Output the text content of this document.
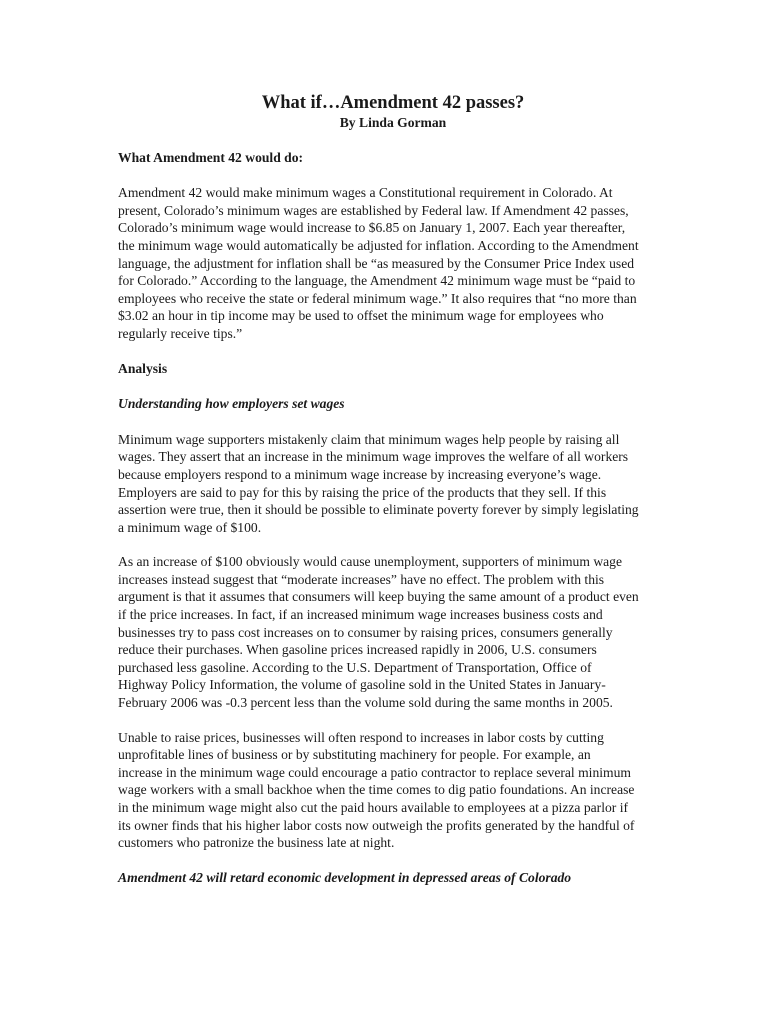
What if…Amendment 42 passes?
By Linda Gorman
What Amendment 42 would do:

Amendment 42 would make minimum wages a Constitutional requirement in Colorado. At
present, Colorado’s minimum wages are established by Federal law. If Amendment 42 passes,
Colorado’s minimum wage would increase to $6.85 on January 1, 2007. Each year thereafter,
the minimum wage would automatically be adjusted for inflation. According to the Amendment
language, the adjustment for inflation shall be “as measured by the Consumer Price Index used
for Colorado.” According to the language, the Amendment 42 minimum wage must be “paid to
employees who receive the state or federal minimum wage.” It also requires that “no more than
$3.02 an hour in tip income may be used to offset the minimum wage for employees who
regularly receive tips.”

Analysis
Understanding how employers set wages

Minimum wage supporters mistakenly claim that minimum wages help people by raising all
wages. They assert that an increase in the minimum wage improves the welfare of all workers
because employers respond to a minimum wage increase by increasing everyone’s wage.
Employers are said to pay for this by raising the price of the products that they sell. If this
assertion were true, then it should be possible to eliminate poverty forever by simply legislating
a minimum wage of $100.

As an increase of $100 obviously would cause unemployment, supporters of minimum wage
increases instead suggest that “moderate increases” have no effect. The problem with this
argument is that it assumes that consumers will keep buying the same amount of a product even
if the price increases. In fact, if an increased minimum wage increases business costs and
businesses try to pass cost increases on to consumer by raising prices, consumers generally
reduce their purchases. When gasoline prices increased rapidly in 2006, U.S. consumers
purchased less gasoline. According to the U.S. Department of Transportation, Office of
Highway Policy Information, the volume of gasoline sold in the United States in January-
February 2006 was -0.3 percent less than the volume sold during the same months in 2005.

Unable to raise prices, businesses will often respond to increases in labor costs by cutting
unprofitable lines of business or by substituting machinery for people. For example, an
increase in the minimum wage could encourage a patio contractor to replace several minimum
wage workers with a small backhoe when the time comes to dig patio foundations. An increase
in the minimum wage might also cut the paid hours available to employees at a pizza parlor if
its owner finds that his higher labor costs now outweigh the profits generated by the handful of
customers who patronize the business late at night.

Amendment 42 will retard economic development in depressed areas of Colorado
